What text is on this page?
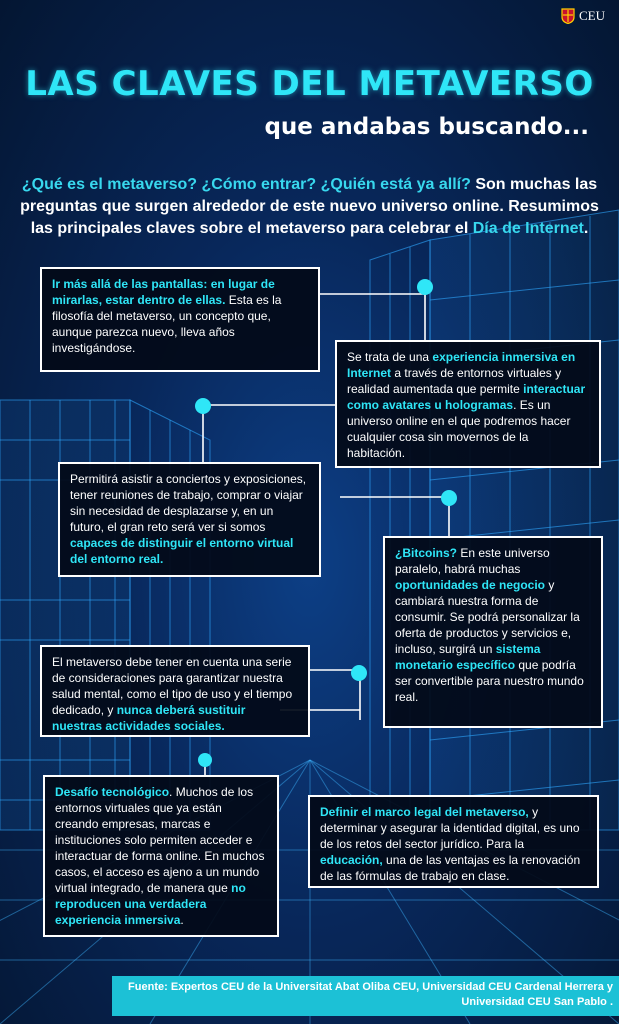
CEU
LAS CLAVES DEL METAVERSO
que andabas buscando...
¿Qué es el metaverso? ¿Cómo entrar? ¿Quién está ya allí? Son muchas las preguntas que surgen alrededor de este nuevo universo online. Resumimos las principales claves sobre el metaverso para celebrar el Día de Internet.
Ir más allá de las pantallas: en lugar de mirarlas, estar dentro de ellas. Esta es la filosofía del metaverso, un concepto que, aunque parezca nuevo, lleva años investigándose.
Se trata de una experiencia inmersiva en Internet a través de entornos virtuales y realidad aumentada que permite interactuar como avatares u hologramas. Es un universo online en el que podremos hacer cualquier cosa sin movernos de la habitación.
Permitirá asistir a conciertos y exposiciones, tener reuniones de trabajo, comprar o viajar sin necesidad de desplazarse y, en un futuro, el gran reto será ver si somos capaces de distinguir el entorno virtual del entorno real.	¿Bitcoins? En este universo paralelo, habrá muchas oportunidades de negocio y cambiará nuestra forma de consumir. Se podrá personalizar la oferta de productos y servicios e, incluso, surgirá un sistema monetario específico que podría ser convertible para nuestro mundo real.
El metaverso debe tener en cuenta una serie de consideraciones para garantizar nuestra salud mental, como el tipo de uso y el tiempo dedicado, y nunca deberá sustituir nuestras actividades sociales.
Desafío tecnológico. Muchos de los entornos virtuales que ya están creando empresas, marcas e instituciones solo permiten acceder e interactuar de forma online. En muchos casos, el acceso es ajeno a un mundo virtual integrado, de manera que no reproducen una verdadera experiencia inmersiva.
Definir el marco legal del metaverso, y determinar y asegurar la identidad digital, es uno de los retos del sector jurídico. Para la educación, una de las ventajas es la renovación de las fórmulas de trabajo en clase.
Fuente: Expertos CEU de la Universitat Abat Oliba CEU, Universidad CEU Cardenal Herrera y Universidad CEU San Pablo .
